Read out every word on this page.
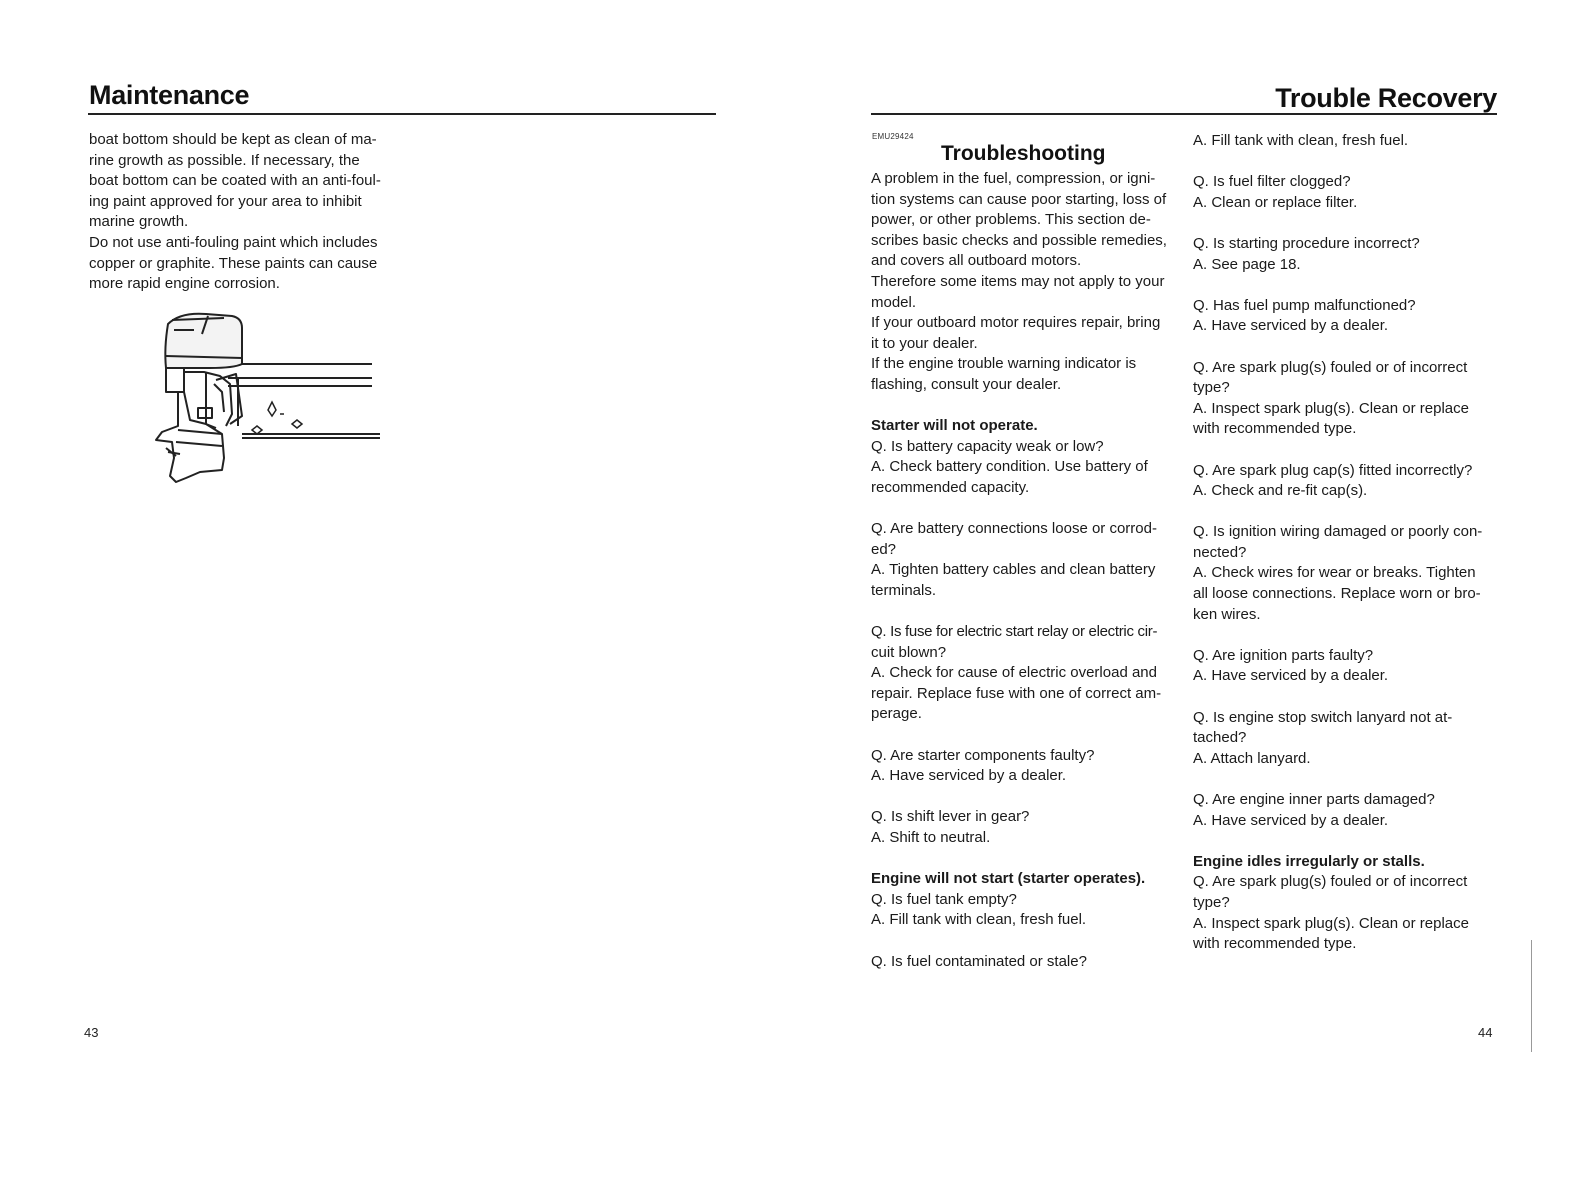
Maintenance

boat bottom should be kept as clean of ma-

rine growth as possible. If necessary, the

boat bottom can be coated with an anti-foul-

ing paint approved for your area to inhibit

marine growth.

Do not use anti-fouling paint which includes

copper or graphite. These paints can cause

more rapid engine corrosion.

43
Trouble Recovery
EMU29424
Troubleshooting

A problem in the fuel, compression, or igni-

tion systems can cause poor starting, loss of

power, or other problems. This section de-

scribes basic checks and possible remedies,

and covers all outboard motors.

Therefore some items may not apply to your

model.

If your outboard motor requires repair, bring

it to your dealer.

If the engine trouble warning indicator is

flashing, consult your dealer.

Starter will not operate.

Q. Is battery capacity weak or low?

A. Check battery condition. Use battery of

recommended capacity.

Q. Are battery connections loose or corrod-

ed?

A. Tighten battery cables and clean battery

terminals.

Q. Is fuse for electric start relay or electric cir-

cuit blown?

A. Check for cause of electric overload and

repair. Replace fuse with one of correct am-

perage.

Q. Are starter components faulty?

A. Have serviced by a dealer.

Q. Is shift lever in gear?

A. Shift to neutral.

Engine will not start (starter operates).

Q. Is fuel tank empty?

A. Fill tank with clean, fresh fuel.

Q. Is fuel contaminated or stale?

A. Fill tank with clean, fresh fuel.

Q. Is fuel filter clogged?

A. Clean or replace filter.

Q. Is starting procedure incorrect?

A. See page 18.

Q. Has fuel pump malfunctioned?

A. Have serviced by a dealer.

Q. Are spark plug(s) fouled or of incorrect

type?

A. Inspect spark plug(s). Clean or replace

with recommended type.

Q. Are spark plug cap(s) fitted incorrectly?

A. Check and re-fit cap(s).

Q. Is ignition wiring damaged or poorly con-

nected?

A. Check wires for wear or breaks. Tighten

all loose connections. Replace worn or bro-

ken wires.

Q. Are ignition parts faulty?

A. Have serviced by a dealer.

Q. Is engine stop switch lanyard not at-

tached?

A. Attach lanyard.

Q. Are engine inner parts damaged?

A. Have serviced by a dealer.

Engine idles irregularly or stalls.

Q. Are spark plug(s) fouled or of incorrect

type?

A. Inspect spark plug(s). Clean or replace

with recommended type.

44
